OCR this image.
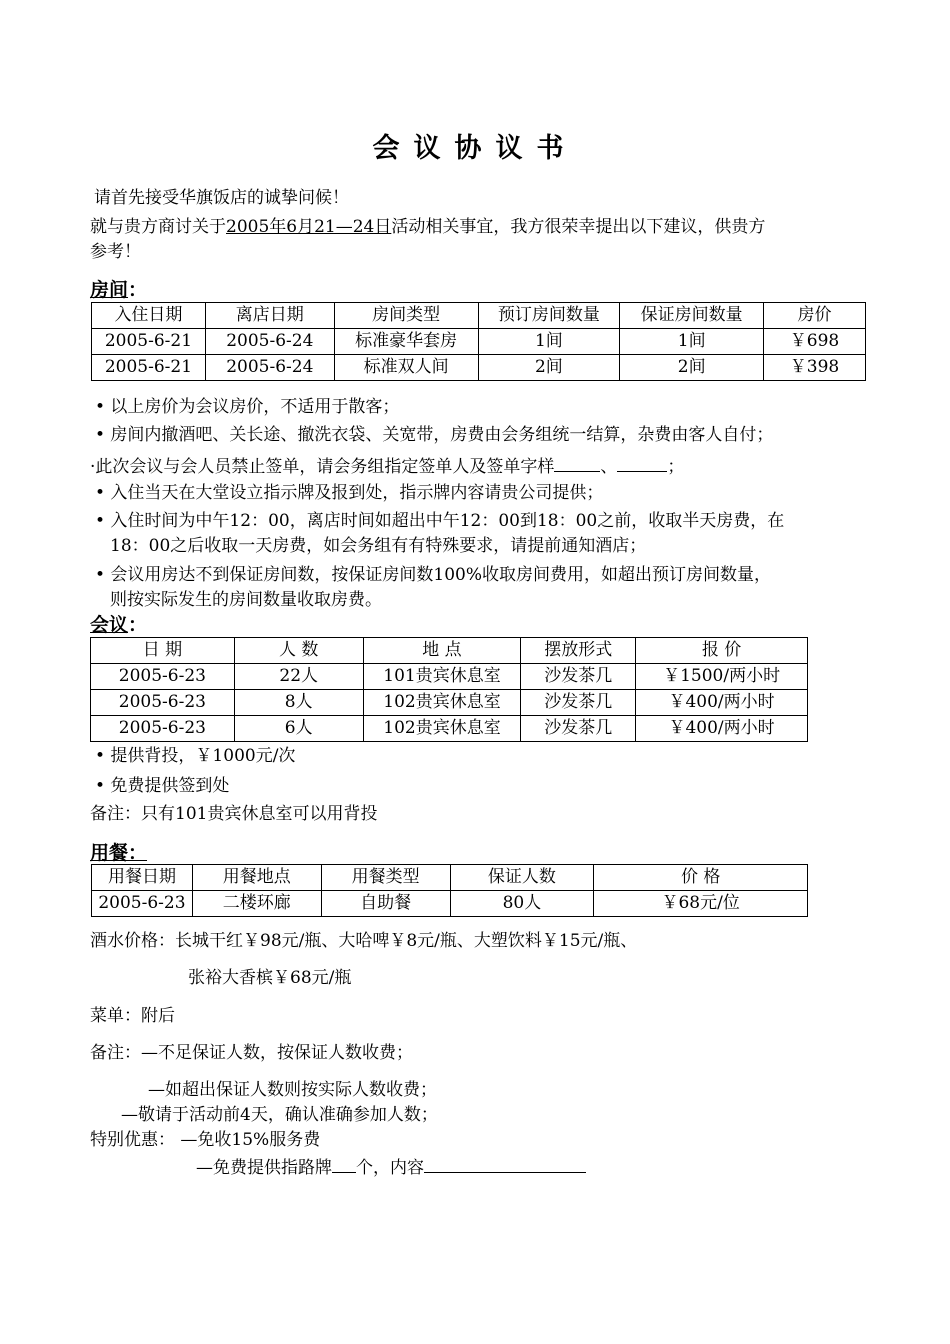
会议协议书
请首先接受华旗饭店的诚挚问候！
就与贵方商讨关于2005年6月21—24日活动相关事宜，我方很荣幸提出以下建议，供贵方
参考！
房间：
入住日期	离店日期	房间类型	预订房间数量	保证房间数量	房价
2005-6-21	2005-6-24	标准豪华套房	1间	1间	￥698
2005-6-21	2005-6-24	标准双人间	2间	2间	￥398
• 以上房价为会议房价，不适用于散客；
• 房间内撤酒吧、关长途、撤洗衣袋、关宽带，房费由会务组统一结算，杂费由客人自付；
·此次会议与会人员禁止签单，请会务组指定签单人及签单字样	、	；
• 入住当天在大堂设立指示牌及报到处，指示牌内容请贵公司提供；
• 入住时间为中午12：00，离店时间如超出中午12：00到18：00之前，收取半天房费，在
18：00之后收取一天房费，如会务组有有特殊要求，请提前通知酒店；
• 会议用房达不到保证房间数，按保证房间数100%收取房间费用，如超出预订房间数量，
则按实际发生的房间数量收取房费。
会议：
日 期	人 数	地 点	摆放形式	报 价
2005-6-23	22人	101贵宾休息室	沙发茶几	￥1500/两小时
2005-6-23	8人	102贵宾休息室	沙发茶几	￥400/两小时
2005-6-23	6人	102贵宾休息室	沙发茶几	￥400/两小时
• 提供背投，￥1000元/次
• 免费提供签到处
备注：只有101贵宾休息室可以用背投
用餐：
用餐日期	用餐地点	用餐类型	保证人数	价 格
2005-6-23	二楼环廊	自助餐	80人	￥68元/位
酒水价格：长城干红￥98元/瓶、大哈啤￥8元/瓶、大塑饮料￥15元/瓶、
张裕大香槟￥68元/瓶
菜单：附后
备注：—不足保证人数，按保证人数收费；
—如超出保证人数则按实际人数收费；
—敬请于活动前4天，确认准确参加人数；
特别优惠： —免收15%服务费
—免费提供指路牌 个，内容
